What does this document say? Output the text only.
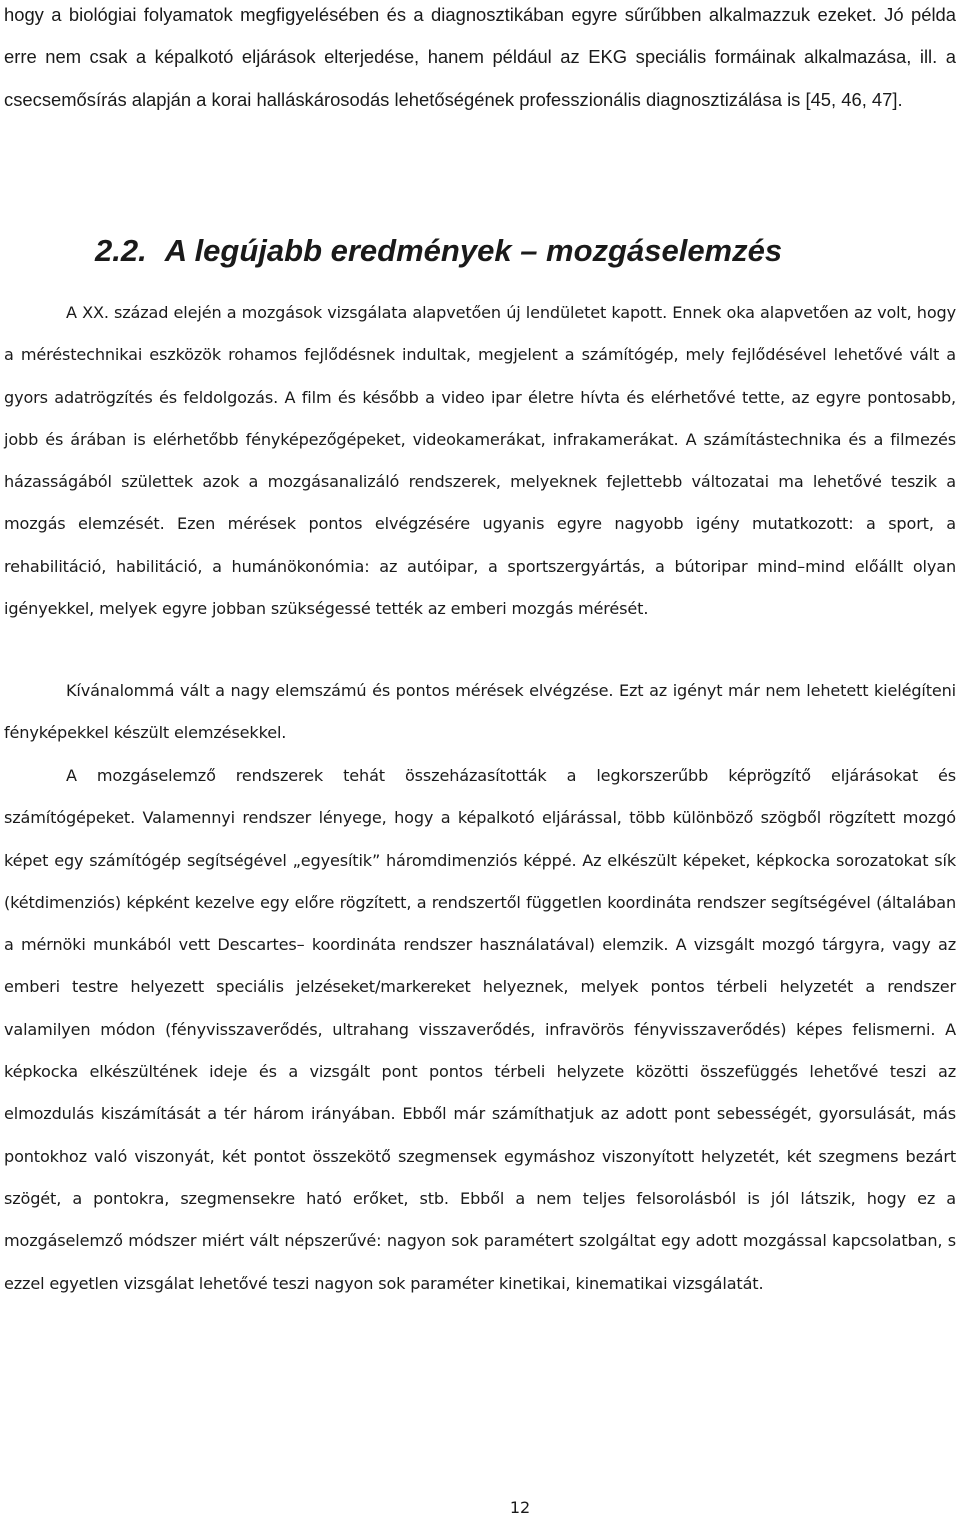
hogy a biológiai folyamatok megfigyelésében és a diagnosztikában egyre sűrűbben alkalmazzuk ezeket. Jó példa erre nem csak a képalkotó eljárások elterjedése, hanem például az EKG speciális formáinak alkalmazása, ill. a csecsemősírás alapján a korai halláskárosodás lehetőségének professzionális diagnosztizálása is [45, 46, 47].

2.2. A legújabb eredmények – mozgáselemzés

A XX. század elején a mozgások vizsgálata alapvetően új lendületet kapott. Ennek oka alapvetően az volt, hogy a méréstechnikai eszközök rohamos fejlődésnek indultak, megjelent a számítógép, mely fejlődésével lehetővé vált a gyors adatrögzítés és feldolgozás. A film és később a video ipar életre hívta és elérhetővé tette, az egyre pontosabb, jobb és árában is elérhetőbb fényképezőgépeket, videokamerákat, infrakamerákat. A számítástechnika és a filmezés házasságából születtek azok a mozgásanalizáló rendszerek, melyeknek fejlettebb változatai ma lehetővé teszik a mozgás elemzését. Ezen mérések pontos elvégzésére ugyanis egyre nagyobb igény mutatkozott: a sport, a rehabilitáció, habilitáció, a humánökonómia: az autóipar, a sportszergyártás, a bútoripar mind–mind előállt olyan igényekkel, melyek egyre jobban szükségessé tették az emberi mozgás mérését.

Kívánalommá vált a nagy elemszámú és pontos mérések elvégzése. Ezt az igényt már nem lehetett kielégíteni fényképekkel készült elemzésekkel.

A mozgáselemző rendszerek tehát összeházasították a legkorszerűbb képrögzítő eljárásokat és számítógépeket. Valamennyi rendszer lényege, hogy a képalkotó eljárással, több különböző szögből rögzített mozgó képet egy számítógép segítségével „egyesítik” háromdimenziós képpé. Az elkészült képeket, képkocka sorozatokat sík (kétdimenziós) képként kezelve egy előre rögzített, a rendszertől független koordináta rendszer segítségével (általában a mérnöki munkából vett Descartes– koordináta rendszer használatával) elemzik. A vizsgált mozgó tárgyra, vagy az emberi testre helyezett speciális jelzéseket/markereket helyeznek, melyek pontos térbeli helyzetét a rendszer valamilyen módon (fényvisszaverődés, ultrahang visszaverődés, infravörös fényvisszaverődés) képes felismerni. A képkocka elkészültének ideje és a vizsgált pont pontos térbeli helyzete közötti összefüggés lehetővé teszi az elmozdulás kiszámítását a tér három irányában. Ebből már számíthatjuk az adott pont sebességét, gyorsulását, más pontokhoz való viszonyát, két pontot összekötő szegmensek egymáshoz viszonyított helyzetét, két szegmens bezárt szögét, a pontokra, szegmensekre ható erőket, stb. Ebből a nem teljes felsorolásból is jól látszik, hogy ez a mozgáselemző módszer miért vált népszerűvé: nagyon sok paramétert szolgáltat egy adott mozgással kapcsolatban, s ezzel egyetlen vizsgálat lehetővé teszi nagyon sok paraméter kinetikai, kinematikai vizsgálatát.

12
